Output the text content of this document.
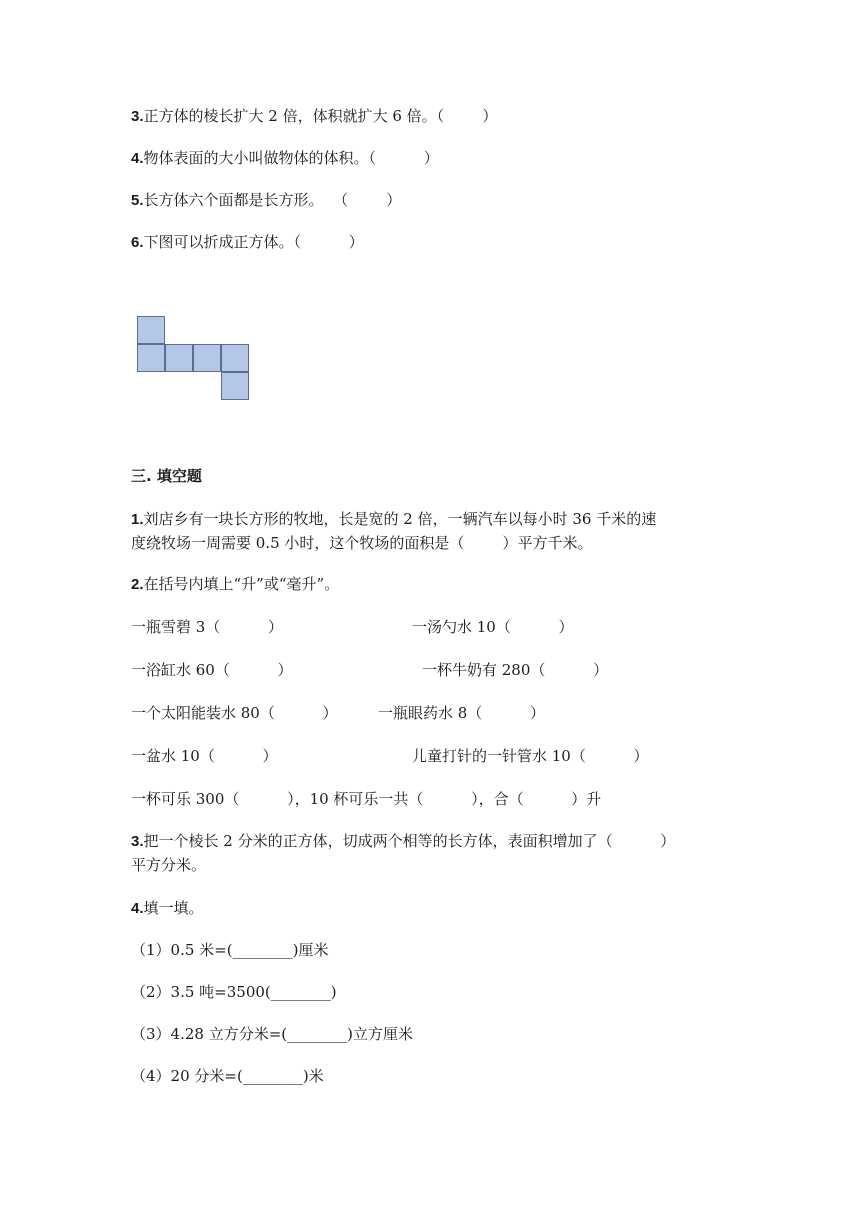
3.正方体的棱长扩大 2 倍，体积就扩大 6 倍。（        ）
4.物体表面的大小叫做物体的体积。（          ）
5.长方体六个面都是长方形。  （        ）
6.下图可以折成正方体。（          ）
三. 填空题
1.刘店乡有一块长方形的牧地，长是宽的 2 倍，一辆汽车以每小时 36 千米的速
度绕牧场一周需要 0.5 小时，这个牧场的面积是（        ）平方千米。
2.在括号内填上“升”或“毫升”。
一瓶雪碧 3（          ）	一汤勺水 10（          ）
一浴缸水 60（          ）	一杯牛奶有 280（          ）
一个太阳能装水 80（          ）	一瓶眼药水 8（          ）
一盆水 10（          ）	儿童打针的一针管水 10（          ）
一杯可乐 300（          ），10 杯可乐一共（          ），合（          ）升
3.把一个棱长 2 分米的正方体，切成两个相等的长方体，表面积增加了（          ）
平方分米。
4.填一填。
（1）0.5 米=(________)厘米
（2）3.5 吨=3500(________)
（3）4.28 立方分米=(________)立方厘米
（4）20 分米=(________)米
